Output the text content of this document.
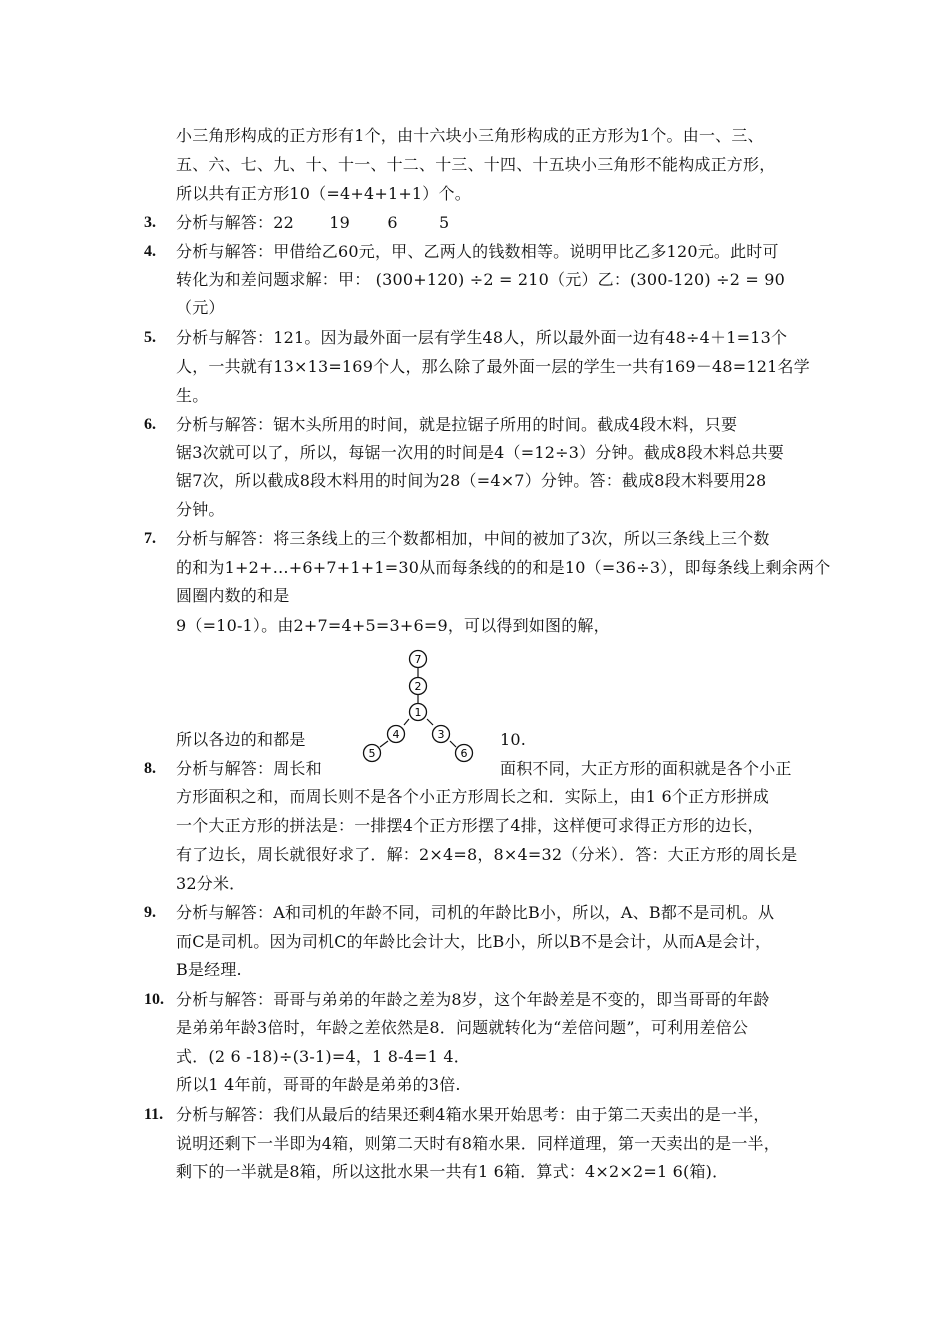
小三角形构成的正方形有1个，由十六块小三角形构成的正方形为1个。由一、三、
五、六、七、九、十、十一、十二、十三、十四、十五块小三角形不能构成正方形，
所以共有正方形10（=4+4+1+1）个。
3. 分析与解答：22 19 6	5
4. 分析与解答：甲借给乙60元，甲、乙两人的钱数相等。说明甲比乙多120元。此时可
转化为和差问题求解：甲： (300+120) ÷2 = 210（元）乙：(300-120) ÷2 = 90
（元）
5. 分析与解答：121。因为最外面一层有学生48人，所以最外面一边有48÷4＋1=13个
人，一共就有13×13=169个人，那么除了最外面一层的学生一共有169－48=121名学
生。
6. 分析与解答：锯木头所用的时间，就是拉锯子所用的时间。截成4段木料，只要
锯3次就可以了，所以，每锯一次用的时间是4（=12÷3）分钟。截成8段木料总共要
锯7次，所以截成8段木料用的时间为28（=4×7）分钟。答：截成8段木料要用28
分钟。
7. 分析与解答：将三条线上的三个数都相加，中间的被加了3次，所以三条线上三个数
的和为1+2+…+6+7+1+1=30从而每条线的的和是10（=36÷3），即每条线上剩余两个
圆圈内数的和是
9（=10-1）。由2+7=4+5=3+6=9，可以得到如图的解，
7
2
1
4
5
3
6
所以各边的和都是	10.
8. 分析与解答：周长和	面积不同，大正方形的面积就是各个小正
方形面积之和，而周长则不是各个小正方形周长之和．实际上，由1 6个正方形拼成
一个大正方形的拼法是：一排摆4个正方形摆了4排，这样便可求得正方形的边长，
有了边长，周长就很好求了．解：2×4=8，8×4=32（分米）．答：大正方形的周长是
32分米．
9. 分析与解答：A和司机的年龄不同，司机的年龄比B小，所以，A、B都不是司机。从
而C是司机。因为司机C的年龄比会计大，比B小，所以B不是会计，从而A是会计，
B是经理.
10. 分析与解答：哥哥与弟弟的年龄之差为8岁，这个年龄差是不变的，即当哥哥的年龄
是弟弟年龄3倍时，年龄之差依然是8．问题就转化为“差倍问题”，可利用差倍公
式．(2 6 -18)÷(3-1)=4，1 8-4=1 4．
所以1 4年前，哥哥的年龄是弟弟的3倍.
11. 分析与解答：我们从最后的结果还剩4箱水果开始思考：由于第二天卖出的是一半，
说明还剩下一半即为4箱，则第二天时有8箱水果．同样道理，第一天卖出的是一半，
剩下的一半就是8箱，所以这批水果一共有1 6箱．算式：4×2×2=1 6(箱)．
